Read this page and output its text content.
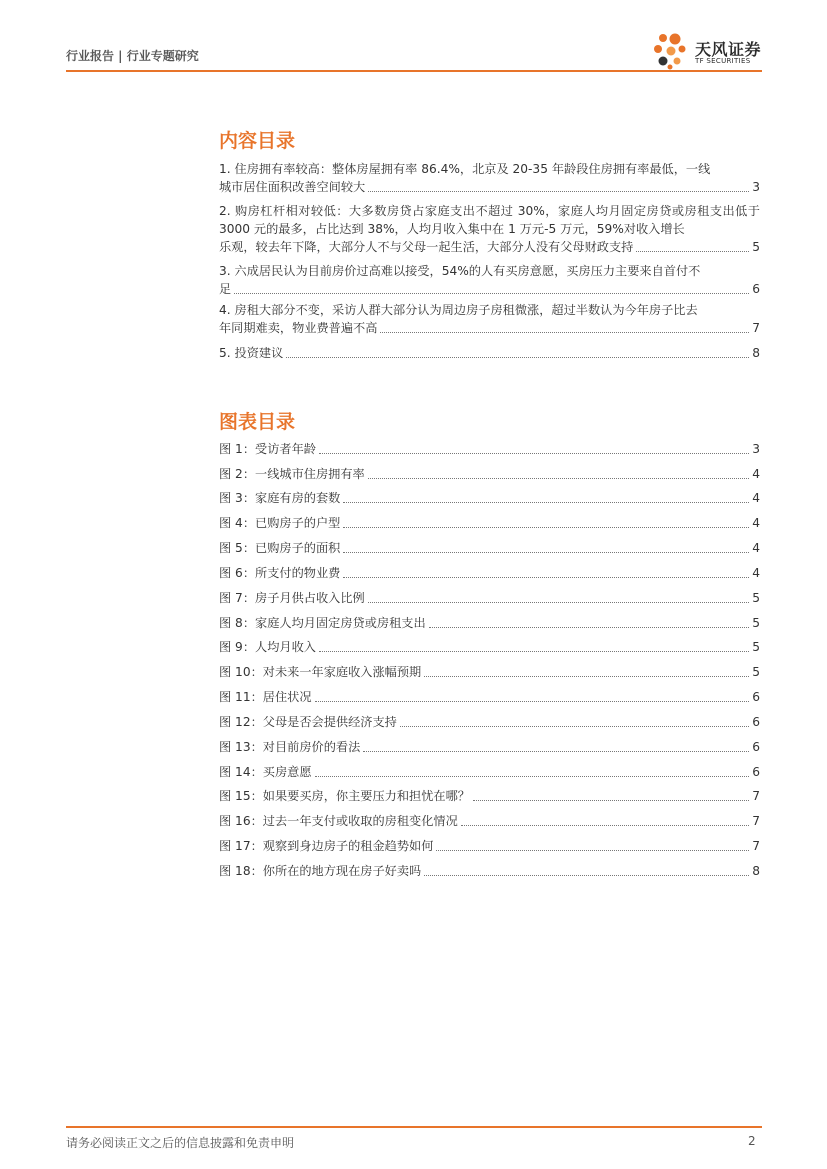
行业报告 | 行业专题研究	天风证券
TF SECURITIES
内容目录
1. 住房拥有率较高：整体房屋拥有率 86.4%，北京及 20-35 年龄段住房拥有率最低，一线
城市居住面积改善空间较大	3
2. 购房杠杆相对较低：大多数房贷占家庭支出不超过 30%，家庭人均月固定房贷或房租支出低于 3000 元的最多，占比达到 38%，人均月收入集中在 1 万元-5 万元，59%对收入增长
乐观，较去年下降，大部分人不与父母一起生活，大部分人没有父母财政支持	5
3. 六成居民认为目前房价过高难以接受，54%的人有买房意愿，买房压力主要来自首付不
足	6
4. 房租大部分不变，采访人群大部分认为周边房子房租微涨，超过半数认为今年房子比去
年同期难卖，物业费普遍不高	7
5. 投资建议	8
图表目录
图 1：受访者年龄	3
图 2：一线城市住房拥有率	4
图 3：家庭有房的套数	4
图 4：已购房子的户型	4
图 5：已购房子的面积	4
图 6：所支付的物业费	4
图 7：房子月供占收入比例	5
图 8：家庭人均月固定房贷或房租支出	5
图 9：人均月收入	5
图 10：对未来一年家庭收入涨幅预期	5
图 11：居住状况	6
图 12：父母是否会提供经济支持	6
图 13：对目前房价的看法	6
图 14：买房意愿	6
图 15：如果要买房，你主要压力和担忧在哪？	7
图 16：过去一年支付或收取的房租变化情况	7
图 17：观察到身边房子的租金趋势如何	7
图 18：你所在的地方现在房子好卖吗	8
请务必阅读正文之后的信息披露和免责申明	2
